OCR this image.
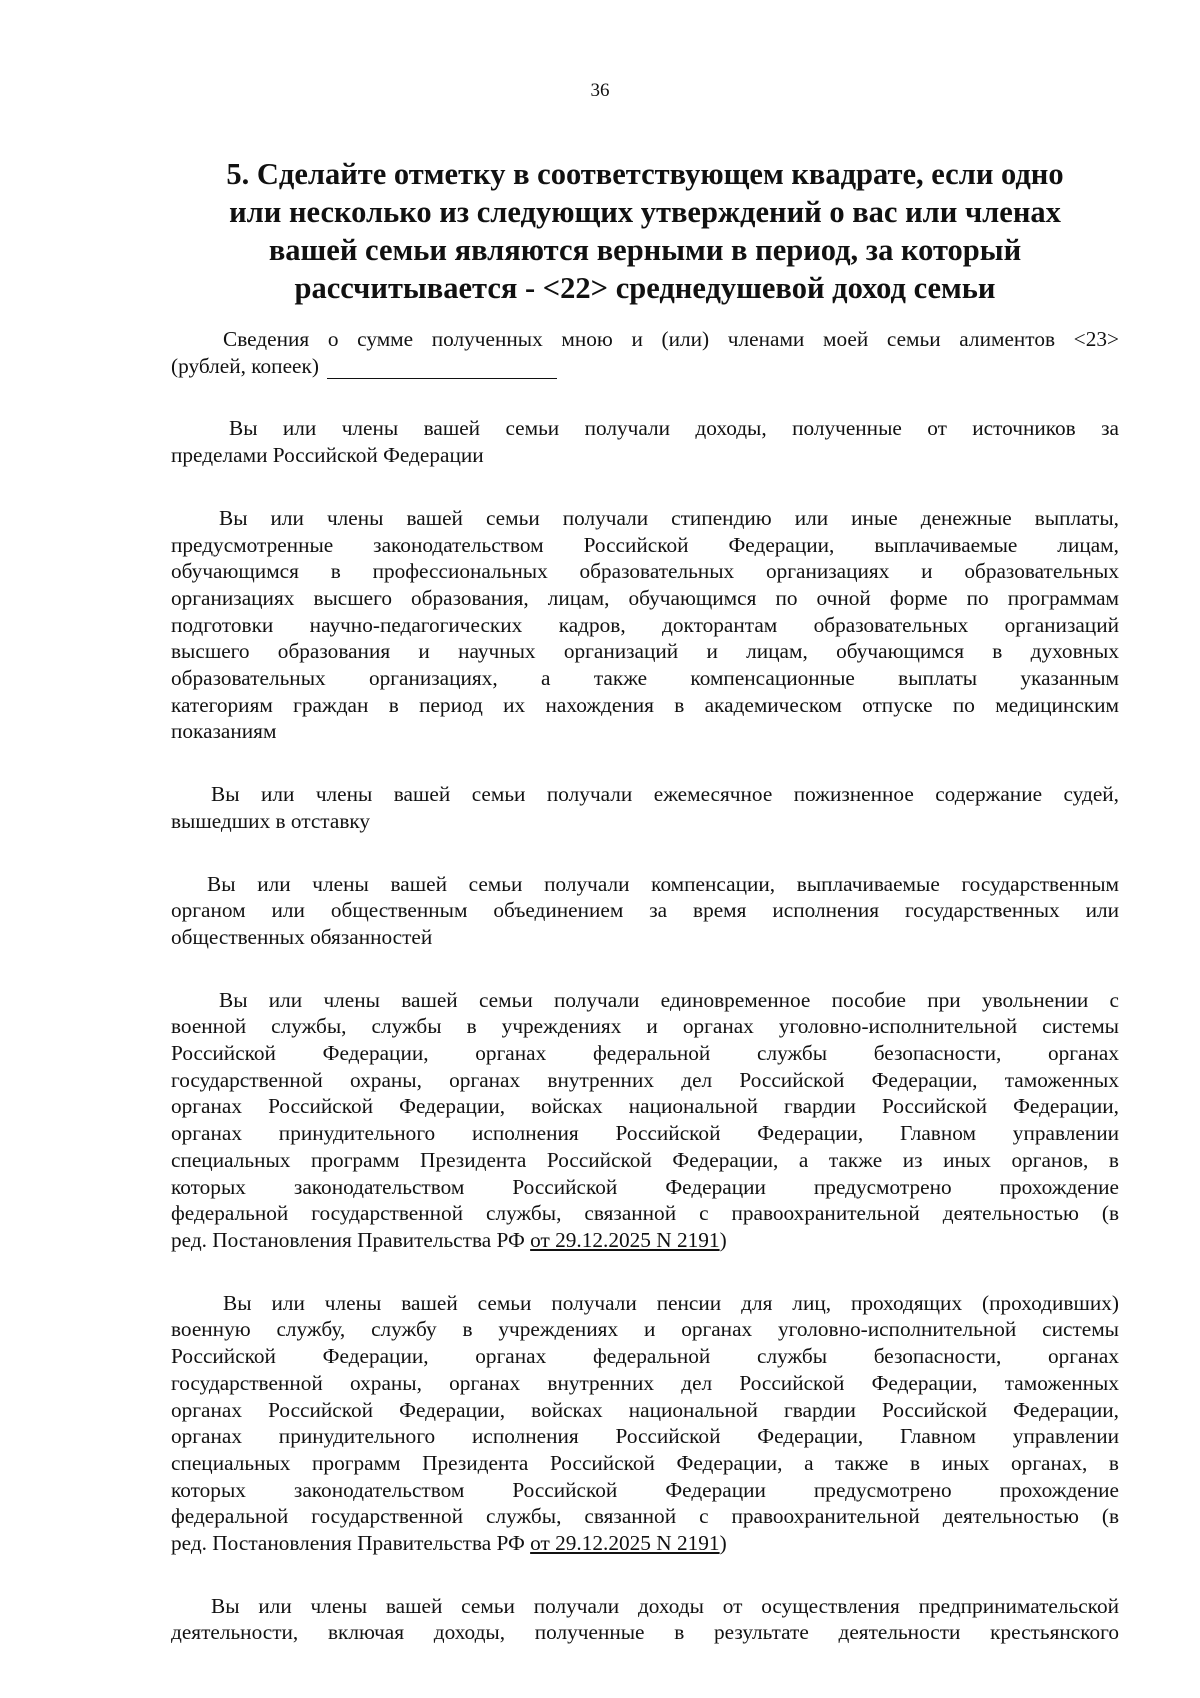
36
5. Сделайте отметку в соответствующем квадрате, если одно
или несколько из следующих утверждений о вас или членах
вашей семьи являются верными в период, за который
рассчитывается - <22> среднедушевой доход семьи
Сведения о сумме полученных мною и (или) членами моей семьи алиментов <23>
(рублей, копеек)
Вы или члены вашей семьи получали доходы, полученные от источников за
пределами Российской Федерации
Вы или члены вашей семьи получали стипендию или иные денежные выплаты,
предусмотренные законодательством Российской Федерации, выплачиваемые лицам,
обучающимся в профессиональных образовательных организациях и образовательных
организациях высшего образования, лицам, обучающимся по очной форме по программам
подготовки научно-педагогических кадров, докторантам образовательных организаций
высшего образования и научных организаций и лицам, обучающимся в духовных
образовательных организациях, а также компенсационные выплаты указанным
категориям граждан в период их нахождения в академическом отпуске по медицинским
показаниям
Вы или члены вашей семьи получали ежемесячное пожизненное содержание судей,
вышедших в отставку
Вы или члены вашей семьи получали компенсации, выплачиваемые государственным
органом или общественным объединением за время исполнения государственных или
общественных обязанностей
Вы или члены вашей семьи получали единовременное пособие при увольнении с
военной службы, службы в учреждениях и органах уголовно-исполнительной системы
Российской Федерации, органах федеральной службы безопасности, органах
государственной охраны, органах внутренних дел Российской Федерации, таможенных
органах Российской Федерации, войсках национальной гвардии Российской Федерации,
органах принудительного исполнения Российской Федерации, Главном управлении
специальных программ Президента Российской Федерации, а также из иных органов, в
которых законодательством Российской Федерации предусмотрено прохождение
федеральной государственной службы, связанной с правоохранительной деятельностью (в
ред. Постановления Правительства РФ от 29.12.2025 N 2191)
Вы или члены вашей семьи получали пенсии для лиц, проходящих (проходивших)
военную службу, службу в учреждениях и органах уголовно-исполнительной системы
Российской Федерации, органах федеральной службы безопасности, органах
государственной охраны, органах внутренних дел Российской Федерации, таможенных
органах Российской Федерации, войсках национальной гвардии Российской Федерации,
органах принудительного исполнения Российской Федерации, Главном управлении
специальных программ Президента Российской Федерации, а также в иных органах, в
которых законодательством Российской Федерации предусмотрено прохождение
федеральной государственной службы, связанной с правоохранительной деятельностью (в
ред. Постановления Правительства РФ от 29.12.2025 N 2191)
Вы или члены вашей семьи получали доходы от осуществления предпринимательской
деятельности, включая доходы, полученные в результате деятельности крестьянского
